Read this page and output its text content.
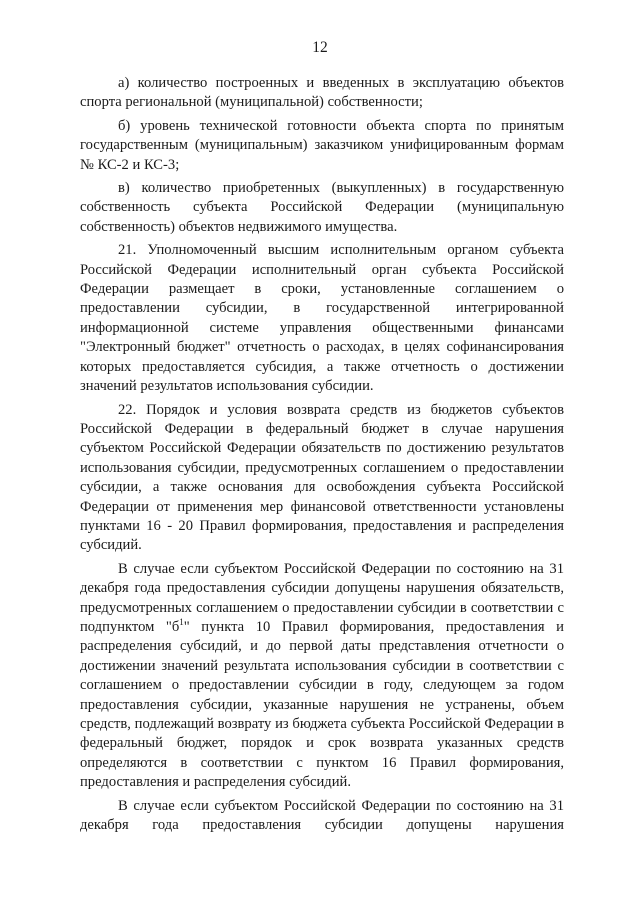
12

а) количество построенных и введенных в эксплуатацию объектов спорта региональной (муниципальной) собственности;

б) уровень технической готовности объекта спорта по принятым государственным (муниципальным) заказчиком унифицированным формам № КС-2 и КС-3;

в) количество приобретенных (выкупленных) в государственную собственность субъекта Российской Федерации (муниципальную собственность) объектов недвижимого имущества.

21. Уполномоченный высшим исполнительным органом субъекта Российской Федерации исполнительный орган субъекта Российской Федерации размещает в сроки, установленные соглашением о предоставлении субсидии, в государственной интегрированной информационной системе управления общественными финансами "Электронный бюджет" отчетность о расходах, в целях софинансирования которых предоставляется субсидия, а также отчетность о достижении значений результатов использования субсидии.

22. Порядок и условия возврата средств из бюджетов субъектов Российской Федерации в федеральный бюджет в случае нарушения субъектом Российской Федерации обязательств по достижению результатов использования субсидии, предусмотренных соглашением о предоставлении субсидии, а также основания для освобождения субъекта Российской Федерации от применения мер финансовой ответственности установлены пунктами 16 - 20 Правил формирования, предоставления и распределения субсидий.

В случае если субъектом Российской Федерации по состоянию на 31 декабря года предоставления субсидии допущены нарушения обязательств, предусмотренных соглашением о предоставлении субсидии в соответствии с подпунктом "$б^1$" пункта 10 Правил формирования, предоставления и распределения субсидий, и до первой даты представления отчетности о достижении значений результата использования субсидии в соответствии с соглашением о предоставлении субсидии в году, следующем за годом предоставления субсидии, указанные нарушения не устранены, объем средств, подлежащий возврату из бюджета субъекта Российской Федерации в федеральный бюджет, порядок и срок возврата указанных средств определяются в соответствии с пунктом 16 Правил формирования, предоставления и распределения субсидий.

В случае если субъектом Российской Федерации по состоянию на 31 декабря года предоставления субсидии допущены нарушения
